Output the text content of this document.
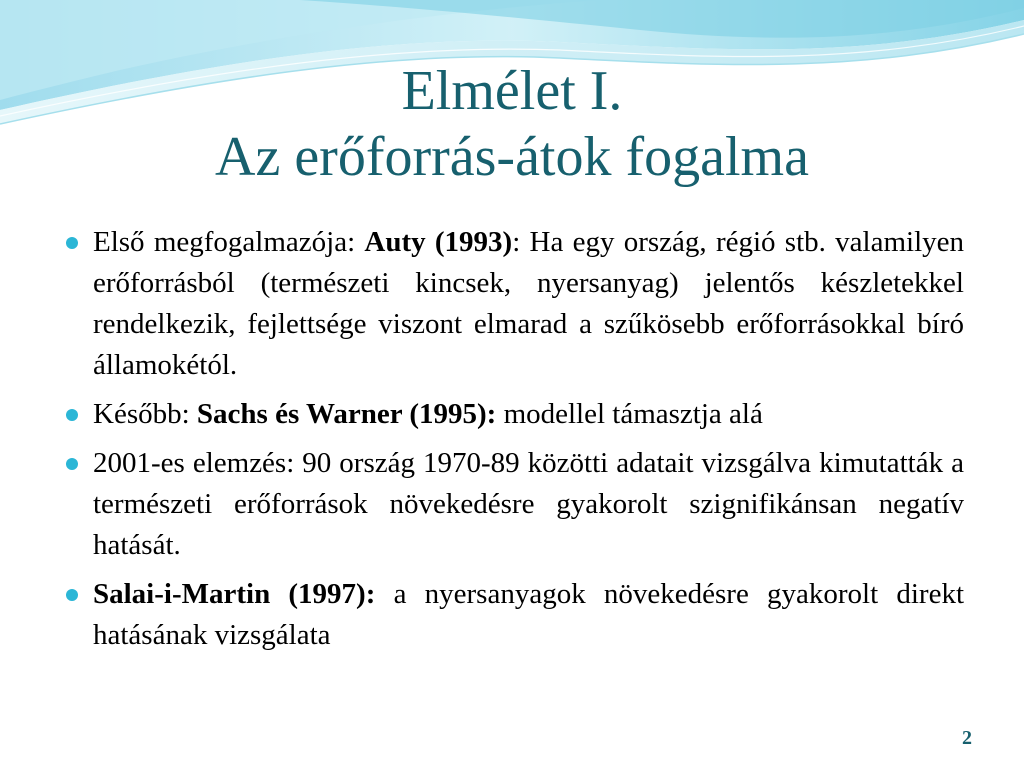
Elmélet I.
Az erőforrás-átok fogalma
Első megfogalmazója: Auty (1993): Ha egy ország, régió stb. valamilyen erőforrásból (természeti kincsek, nyersanyag) jelentős készletekkel rendelkezik, fejlettsége viszont elmarad a szűkösebb erőforrásokkal bíró államokétól.
Később: Sachs és Warner (1995): modellel támasztja alá
2001-es elemzés: 90 ország 1970-89 közötti adatait vizsgálva kimutatták a természeti erőforrások növekedésre gyakorolt szignifikánsan negatív hatását.
Salai-i-Martin (1997): a nyersanyagok növekedésre gyakorolt direkt hatásának vizsgálata
2
